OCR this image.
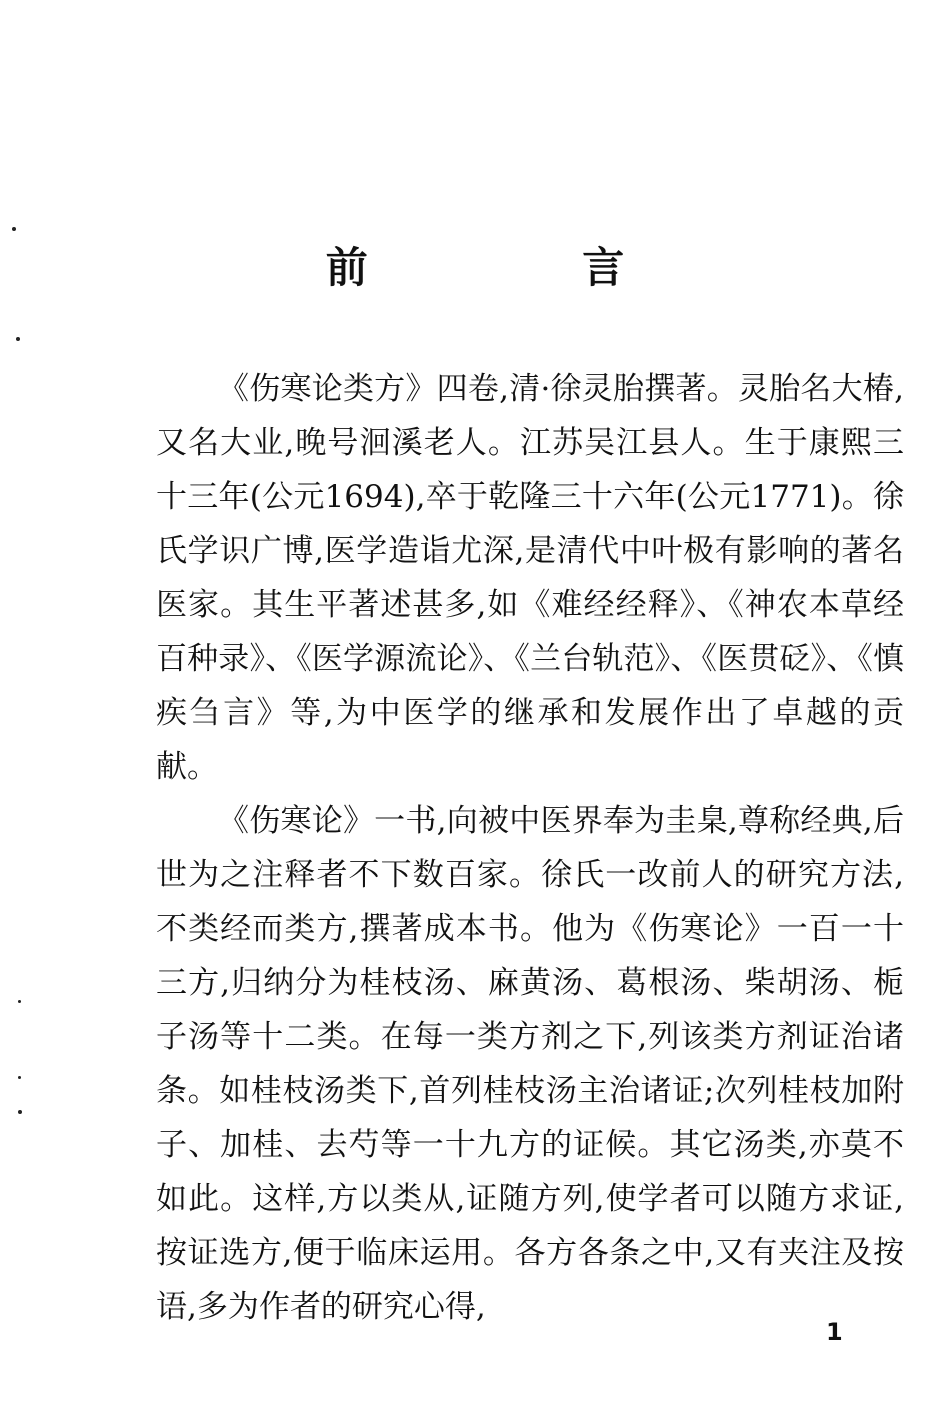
前 言

《伤寒论类方》四卷,清·徐灵胎撰著。灵胎名大椿,又名大业,晚号洄溪老人。江苏吴江县人。生于康熙三十三年(公元1694),卒于乾隆三十六年(公元1771)。徐氏学识广博,医学造诣尤深,是清代中叶极有影响的著名医家。其生平著述甚多,如《难经经释》、《神农本草经百种录》、《医学源流论》、《兰台轨范》、《医贯砭》、《慎疾刍言》等,为中医学的继承和发展作出了卓越的贡献。

《伤寒论》一书,向被中医界奉为圭臬,尊称经典,后世为之注释者不下数百家。徐氏一改前人的研究方法,不类经而类方,撰著成本书。他为《伤寒论》一百一十三方,归纳分为桂枝汤、麻黄汤、葛根汤、柴胡汤、栀子汤等十二类。在每一类方剂之下,列该类方剂证治诸条。如桂枝汤类下,首列桂枝汤主治诸证;次列桂枝加附子、加桂、去芍等一十九方的证候。其它汤类,亦莫不如此。这样,方以类从,证随方列,使学者可以随方求证,按证选方,便于临床运用。各方各条之中,又有夹注及按语,多为作者的研究心得,

1
